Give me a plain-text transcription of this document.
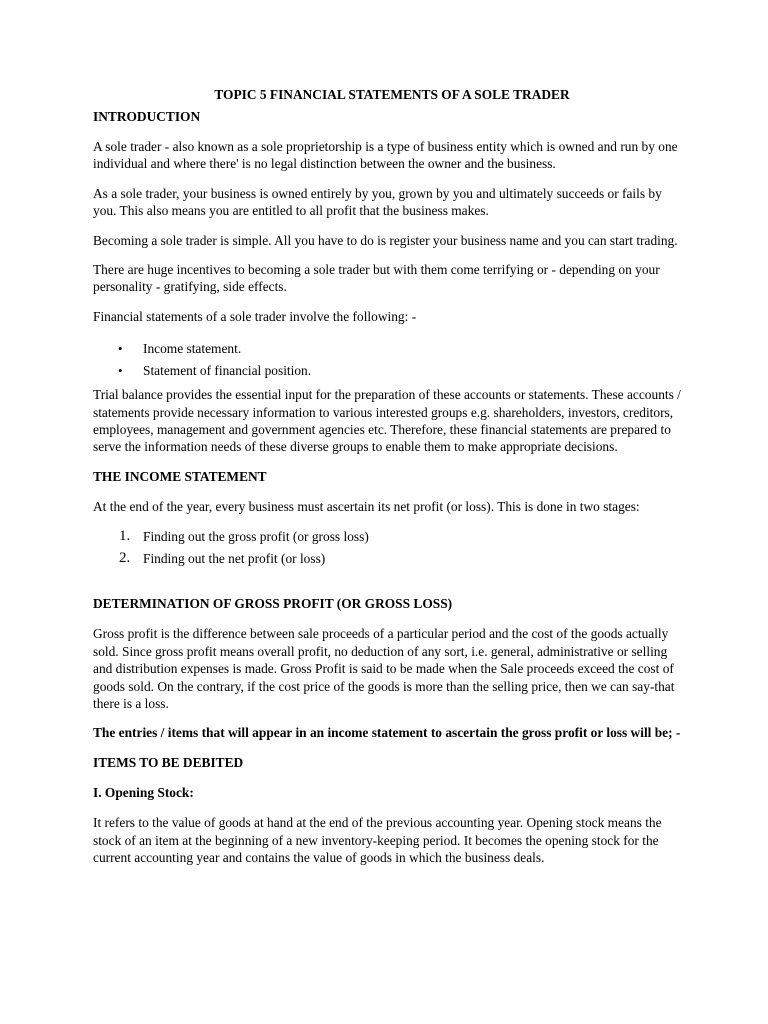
TOPIC 5 FINANCIAL STATEMENTS OF A SOLE TRADER
INTRODUCTION

A sole trader - also known as a sole proprietorship is a type of business entity which is owned and run by one individual and where there' is no legal distinction between the owner and the business.

As a sole trader, your business is owned entirely by you, grown by you and ultimately succeeds or fails by you. This also means you are entitled to all profit that the business makes.

Becoming a sole trader is simple. All you have to do is register your business name and you can start trading.

There are huge incentives to becoming a sole trader but with them come terrifying or - depending on your personality - gratifying, side effects.

Financial statements of a sole trader involve the following: -

• Income statement.
• Statement of financial position.

Trial balance provides the essential input for the preparation of these accounts or statements. These accounts / statements provide necessary information to various interested groups e.g. shareholders, investors, creditors, employees, management and government agencies etc. Therefore, these financial statements are prepared to serve the information needs of these diverse groups to enable them to make appropriate decisions.

THE INCOME STATEMENT

At the end of the year, every business must ascertain its net profit (or loss). This is done in two stages:

1. Finding out the gross profit (or gross loss)
2. Finding out the net profit (or loss)
DETERMINATION OF GROSS PROFIT (OR GROSS LOSS)

Gross profit is the difference between sale proceeds of a particular period and the cost of the goods actually sold. Since gross profit means overall profit, no deduction of any sort, i.e. general, administrative or selling and distribution expenses is made. Gross Profit is said to be made when the Sale proceeds exceed the cost of goods sold. On the contrary, if the cost price of the goods is more than the selling price, then we can say-that there is a loss.

The entries / items that will appear in an income statement to ascertain the gross profit or loss will be; -

ITEMS TO BE DEBITED
I. Opening Stock:

It refers to the value of goods at hand at the end of the previous accounting year. Opening stock means the stock of an item at the beginning of a new inventory-keeping period. It becomes the opening stock for the current accounting year and contains the value of goods in which the business deals.
